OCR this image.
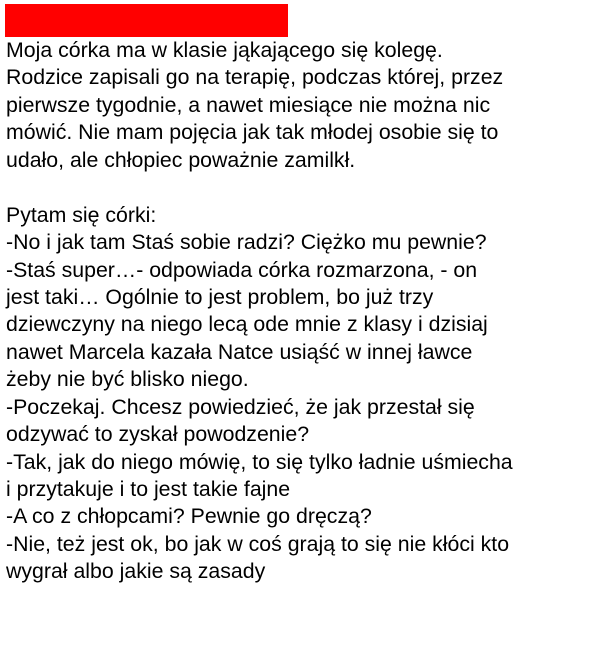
Moja córka ma w klasie jąkającego się kolegę.
Rodzice zapisali go na terapię, podczas której, przez
pierwsze tygodnie, a nawet miesiące nie można nic
mówić. Nie mam pojęcia jak tak młodej osobie się to
udało, ale chłopiec poważnie zamilkł.
Pytam się córki:
-No i jak tam Staś sobie radzi? Ciężko mu pewnie?
-Staś super…- odpowiada córka rozmarzona, - on
jest taki… Ogólnie to jest problem, bo już trzy
dziewczyny na niego lecą ode mnie z klasy i dzisiaj
nawet Marcela kazała Natce usiąść w innej ławce
żeby nie być blisko niego.
-Poczekaj. Chcesz powiedzieć, że jak przestał się
odzywać to zyskał powodzenie?
-Tak, jak do niego mówię, to się tylko ładnie uśmiecha
i przytakuje i to jest takie fajne
-A co z chłopcami? Pewnie go dręczą?
-Nie, też jest ok, bo jak w coś grają to się nie kłóci kto
wygrał albo jakie są zasady
